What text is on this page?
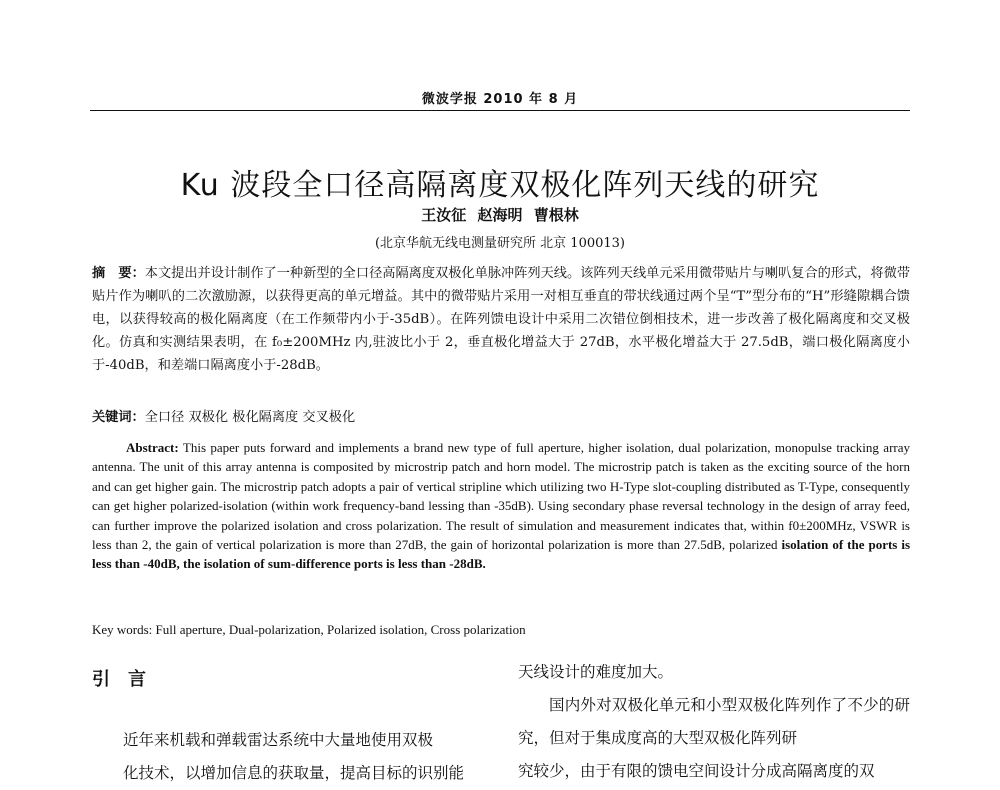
微波学报 2010 年 8 月
Ku 波段全口径高隔离度双极化阵列天线的研究
王汝征 赵海明 曹根林
(北京华航无线电测量研究所 北京 100013)
摘　要：本文提出并设计制作了一种新型的全口径高隔离度双极化单脉冲阵列天线。该阵列天线单元采用微带贴片与喇叭复合的形式，将微带贴片作为喇叭的二次激励源，以获得更高的单元增益。其中的微带贴片采用一对相互垂直的带状线通过两个呈“T”型分布的“H”形缝隙耦合馈电，以获得较高的极化隔离度（在工作频带内小于-35dB）。在阵列馈电设计中采用二次错位倒相技术，进一步改善了极化隔离度和交叉极化。仿真和实测结果表明，在 f₀±200MHz 内,驻波比小于 2，垂直极化增益大于 27dB，水平极化增益大于 27.5dB，端口极化隔离度小于-40dB，和差端口隔离度小于-28dB。
关键词：全口径 双极化 极化隔离度 交叉极化
Abstract: This paper puts forward and implements a brand new type of full aperture, higher isolation, dual polarization, monopulse tracking array antenna. The unit of this array antenna is composited by microstrip patch and horn model. The microstrip patch is taken as the exciting source of the horn and can get higher gain. The microstrip patch adopts a pair of vertical stripline which utilizing two H-Type slot-coupling distributed as T-Type, consequently can get higher polarized-isolation (within work frequency-band lessing than -35dB). Using secondary phase reversal technology in the design of array feed, can further improve the polarized isolation and cross polarization. The result of simulation and measurement indicates that, within f0±200MHz, VSWR is less than 2, the gain of vertical polarization is more than 27dB, the gain of horizontal polarization is more than 27.5dB, polarized isolation of the ports is less than -40dB, the isolation of sum-difference ports is less than -28dB.
Key words: Full aperture, Dual-polarization, Polarized isolation, Cross polarization
引言
近年来机载和弹载雷达系统中大量地使用双极
化技术，以增加信息的获取量，提高目标的识别能
天线设计的难度加大。
国内外对双极化单元和小型双极化阵列作了不少的研究，但对于集成度高的大型双极化阵列研
究较少，由于有限的馈电空间设计分成高隔离度的双
